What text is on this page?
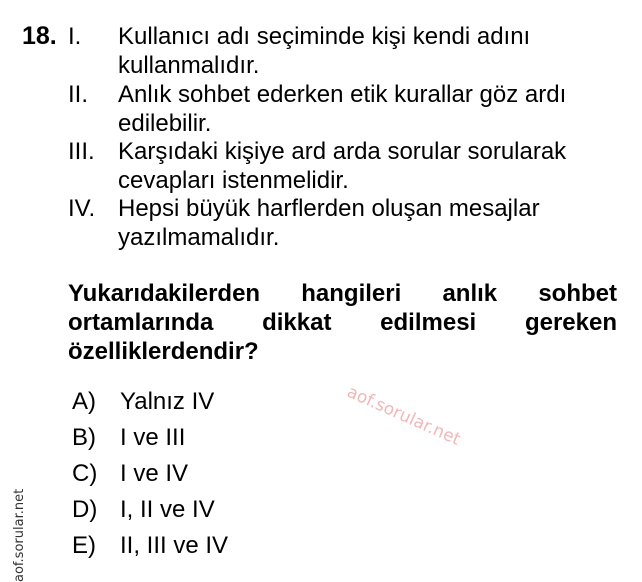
18. I. Kullanıcı adı seçiminde kişi kendi adını kullanmalıdır.
II. Anlık sohbet ederken etik kurallar göz ardı edilebilir.
III. Karşıdaki kişiye ard arda sorular sorularak cevapları istenmelidir.
IV. Hepsi büyük harflerden oluşan mesajlar yazılmamalıdır.
Yukarıdakilerden hangileri anlık sohbet ortamlarında dikkat edilmesi gereken özelliklerdendir?
A)	Yalnız IV
B)	I ve III
C) I ve IV
D) I, II ve IV
E)	II, III ve IV
aof.sorular.net
aof.sorular.net
